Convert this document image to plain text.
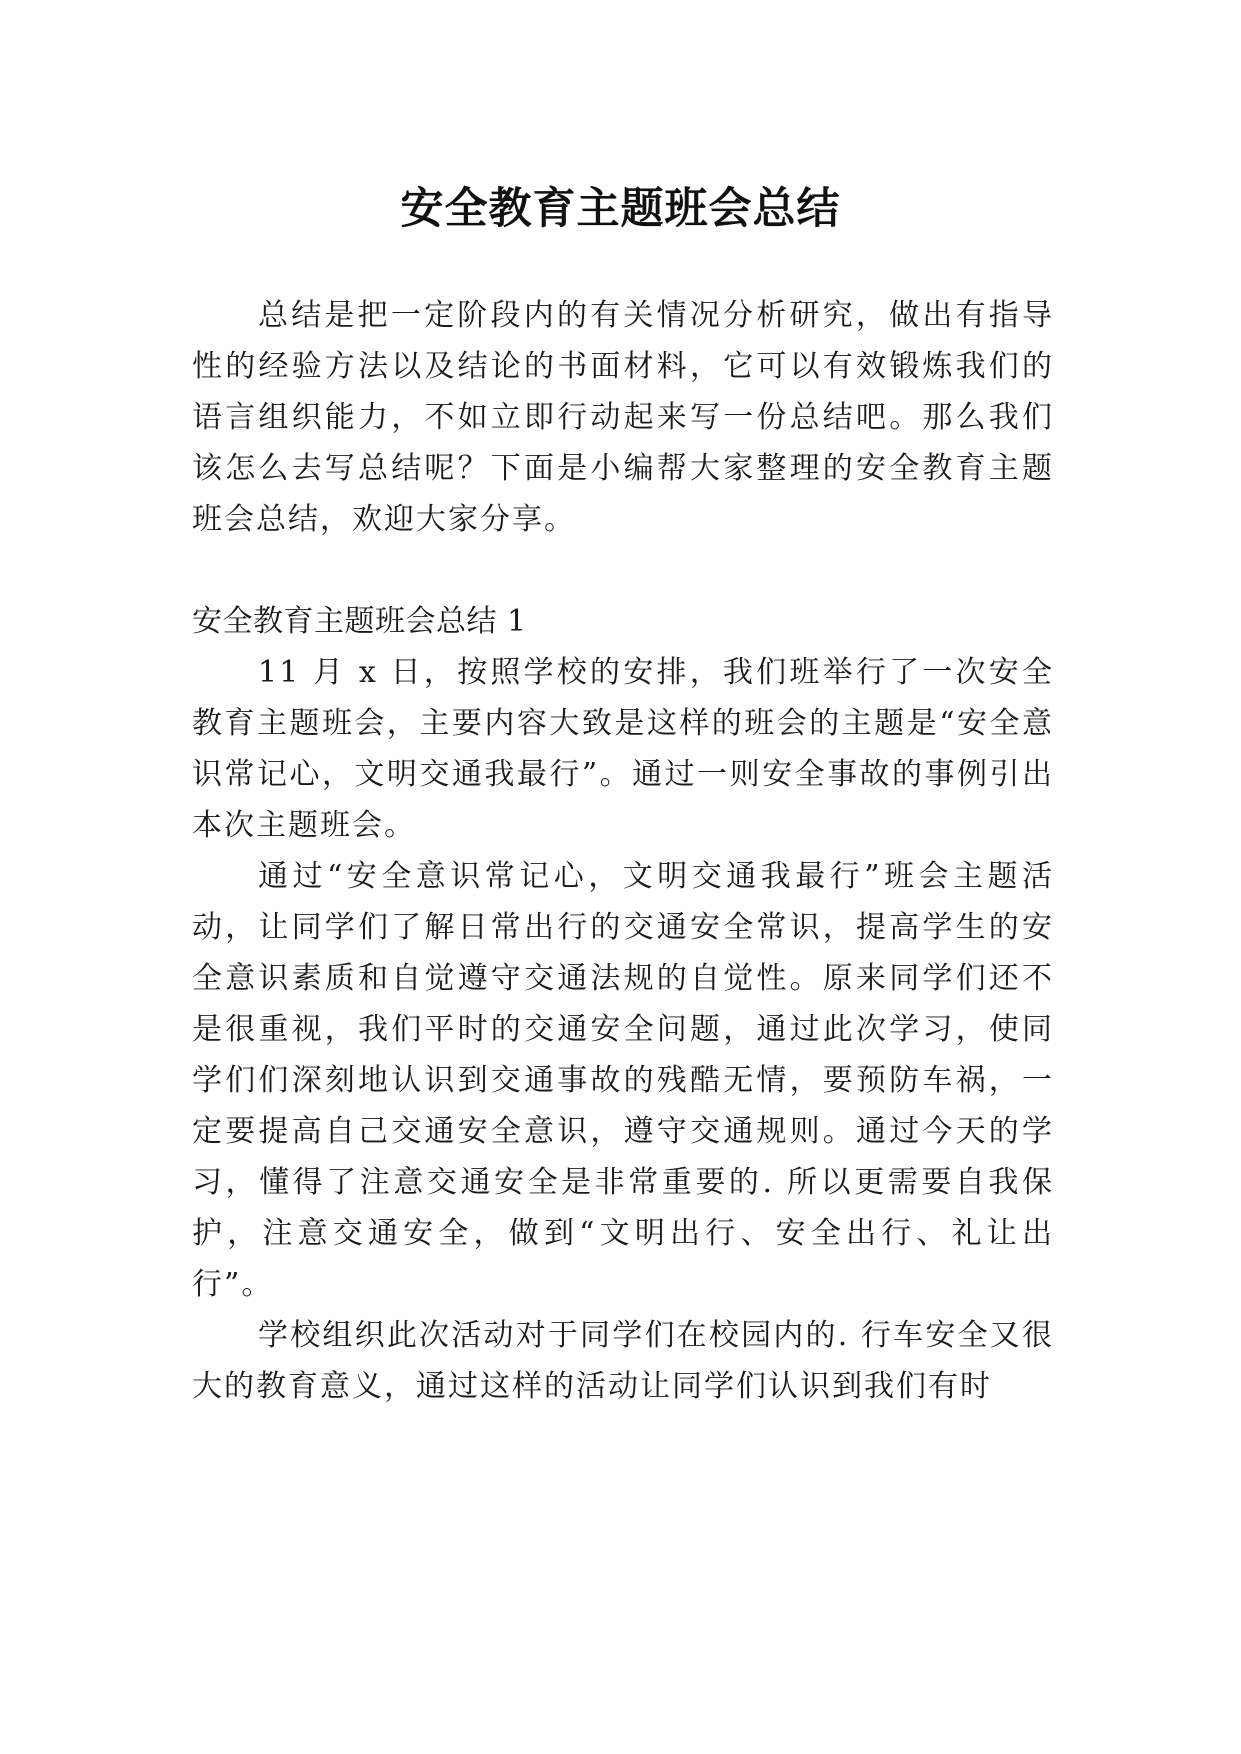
安全教育主题班会总结

总结是把一定阶段内的有关情况分析研究，做出有指导性的经验方法以及结论的书面材料，它可以有效锻炼我们的语言组织能力，不如立即行动起来写一份总结吧。那么我们该怎么去写总结呢？下面是小编帮大家整理的安全教育主题班会总结，欢迎大家分享。

安全教育主题班会总结 1

11 月 x 日，按照学校的安排，我们班举行了一次安全教育主题班会，主要内容大致是这样的班会的主题是“安全意识常记心，文明交通我最行”。通过一则安全事故的事例引出本次主题班会。

通过“安全意识常记心，文明交通我最行”班会主题活动，让同学们了解日常出行的交通安全常识，提高学生的安全意识素质和自觉遵守交通法规的自觉性。原来同学们还不是很重视，我们平时的交通安全问题，通过此次学习，使同学们们深刻地认识到交通事故的残酷无情，要预防车祸，一定要提高自己交通安全意识，遵守交通规则。通过今天的学习，懂得了注意交通安全是非常重要的. 所以更需要自我保护，注意交通安全，做到“文明出行、安全出行、礼让出行”。

学校组织此次活动对于同学们在校园内的. 行车安全又很大的教育意义，通过这样的活动让同学们认识到我们有时
